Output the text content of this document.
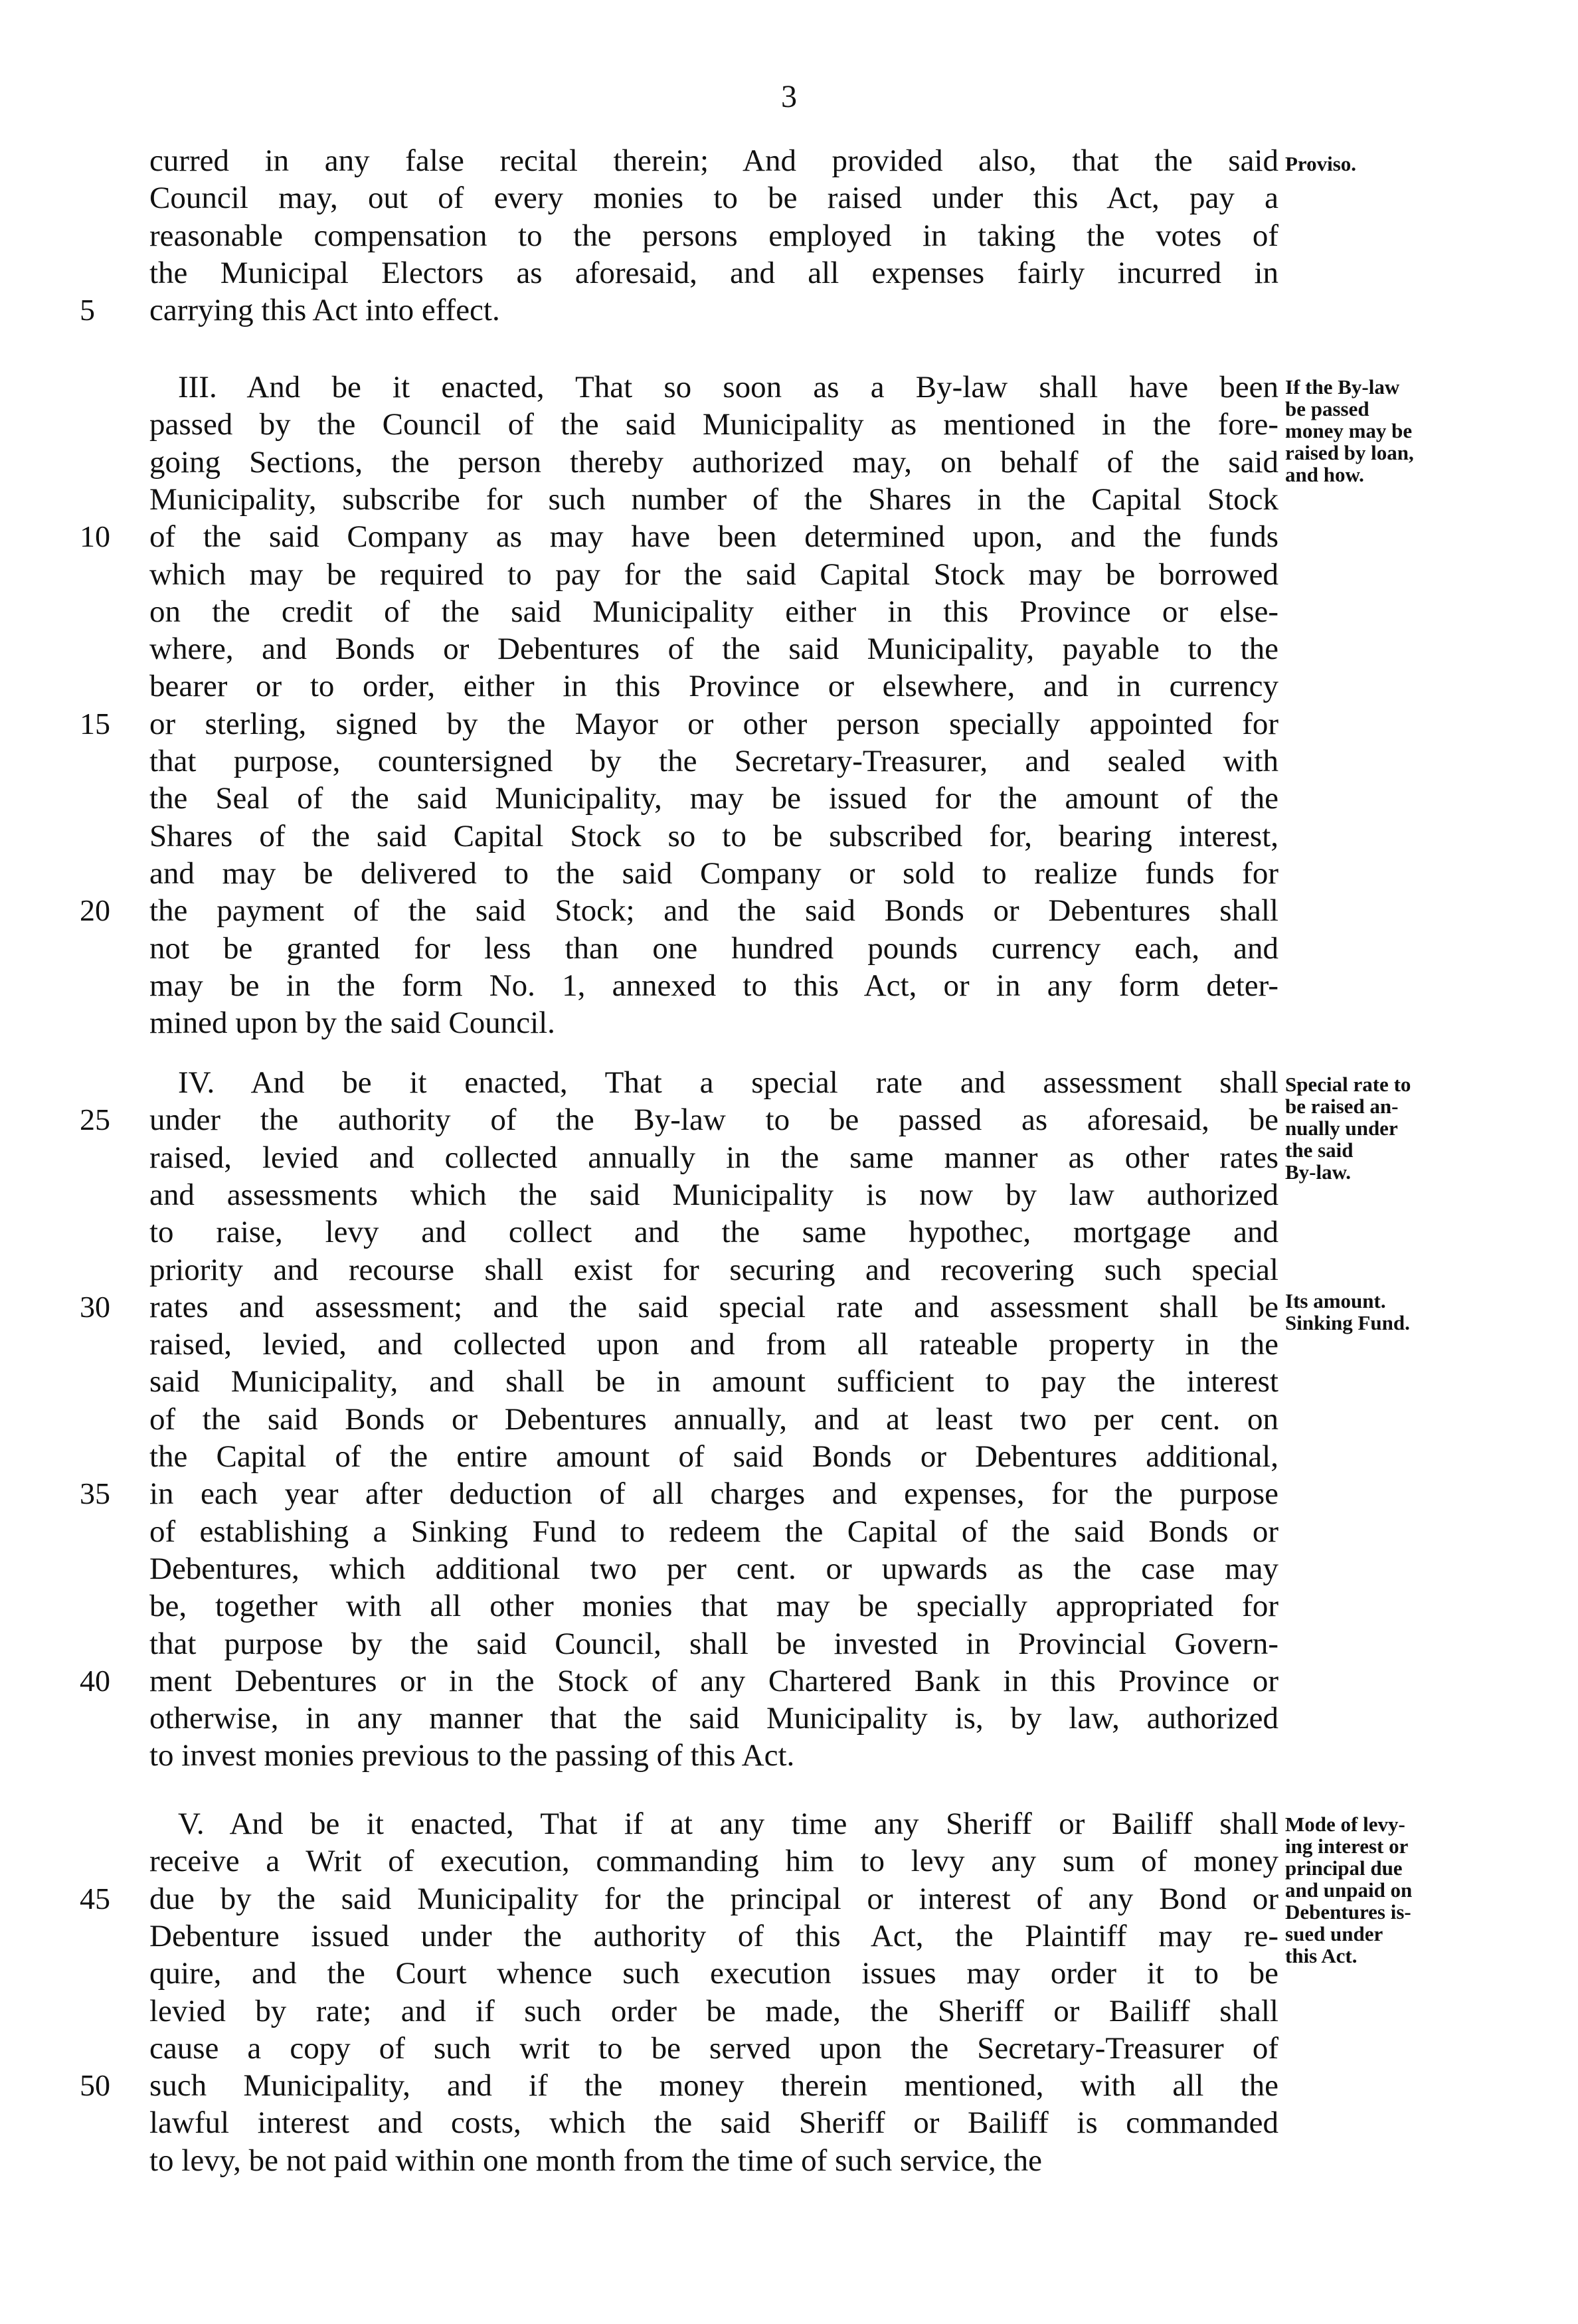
3
curred in any false recital therein; And provided also, that the said
Council may, out of every monies to be raised under this Act, pay a
reasonable compensation to the persons employed in taking the votes of
the Municipal Electors as aforesaid, and all expenses fairly incurred in
5	carrying this Act into effect.
III. And be it enacted, That so soon as a By-law shall have been
passed by the Council of the said Municipality as mentioned in the fore-
going Sections, the person thereby authorized may, on behalf of the said
Municipality, subscribe for such number of the Shares in the Capital Stock
10	of the said Company as may have been determined upon, and the funds
which may be required to pay for the said Capital Stock may be borrowed
on the credit of the said Municipality either in this Province or else-
where, and Bonds or Debentures of the said Municipality, payable to the
bearer or to order, either in this Province or elsewhere, and in currency
15	or sterling, signed by the Mayor or other person specially appointed for
that purpose, countersigned by the Secretary-Treasurer, and sealed with
the Seal of the said Municipality, may be issued for the amount of the
Shares of the said Capital Stock so to be subscribed for, bearing interest,
and may be delivered to the said Company or sold to realize funds for
20	the payment of the said Stock; and the said Bonds or Debentures shall
not be granted for less than one hundred pounds currency each, and
may be in the form No. 1, annexed to this Act, or in any form deter-
mined upon by the said Council.
IV. And be it enacted, That a special rate and assessment shall
25	under the authority of the By-law to be passed as aforesaid, be
raised, levied and collected annually in the same manner as other rates
and assessments which the said Municipality is now by law authorized
to raise, levy and collect and the same hypothec, mortgage and
priority and recourse shall exist for securing and recovering such special
30	rates and assessment; and the said special rate and assessment shall be
raised, levied, and collected upon and from all rateable property in the
said Municipality, and shall be in amount sufficient to pay the interest
of the said Bonds or Debentures annually, and at least two per cent. on
the Capital of the entire amount of said Bonds or Debentures additional,
35	in each year after deduction of all charges and expenses, for the purpose
of establishing a Sinking Fund to redeem the Capital of the said Bonds or
Debentures, which additional two per cent. or upwards as the case may
be, together with all other monies that may be specially appropriated for
that purpose by the said Council, shall be invested in Provincial Govern-
40	ment Debentures or in the Stock of any Chartered Bank in this Province or
otherwise, in any manner that the said Municipality is, by law, authorized
to invest monies previous to the passing of this Act.
V. And be it enacted, That if at any time any Sheriff or Bailiff shall
receive a Writ of execution, commanding him to levy any sum of money
45	due by the said Municipality for the principal or interest of any Bond or
Debenture issued under the authority of this Act, the Plaintiff may re-
quire, and the Court whence such execution issues may order it to be
levied by rate; and if such order be made, the Sheriff or Bailiff shall
cause a copy of such writ to be served upon the Secretary-Treasurer of
50	such Municipality, and if the money therein mentioned, with all the
lawful interest and costs, which the said Sheriff or Bailiff is commanded
to levy, be not paid within one month from the time of such service, the
Proviso.
If the By-law
be passed
money may be
raised by loan,
and how.
Special rate to
be raised an-
nually under
the said
By-law.
Its amount.
Sinking Fund.
Mode of levy-
ing interest or
principal due
and unpaid on
Debentures is-
sued under
this Act.
